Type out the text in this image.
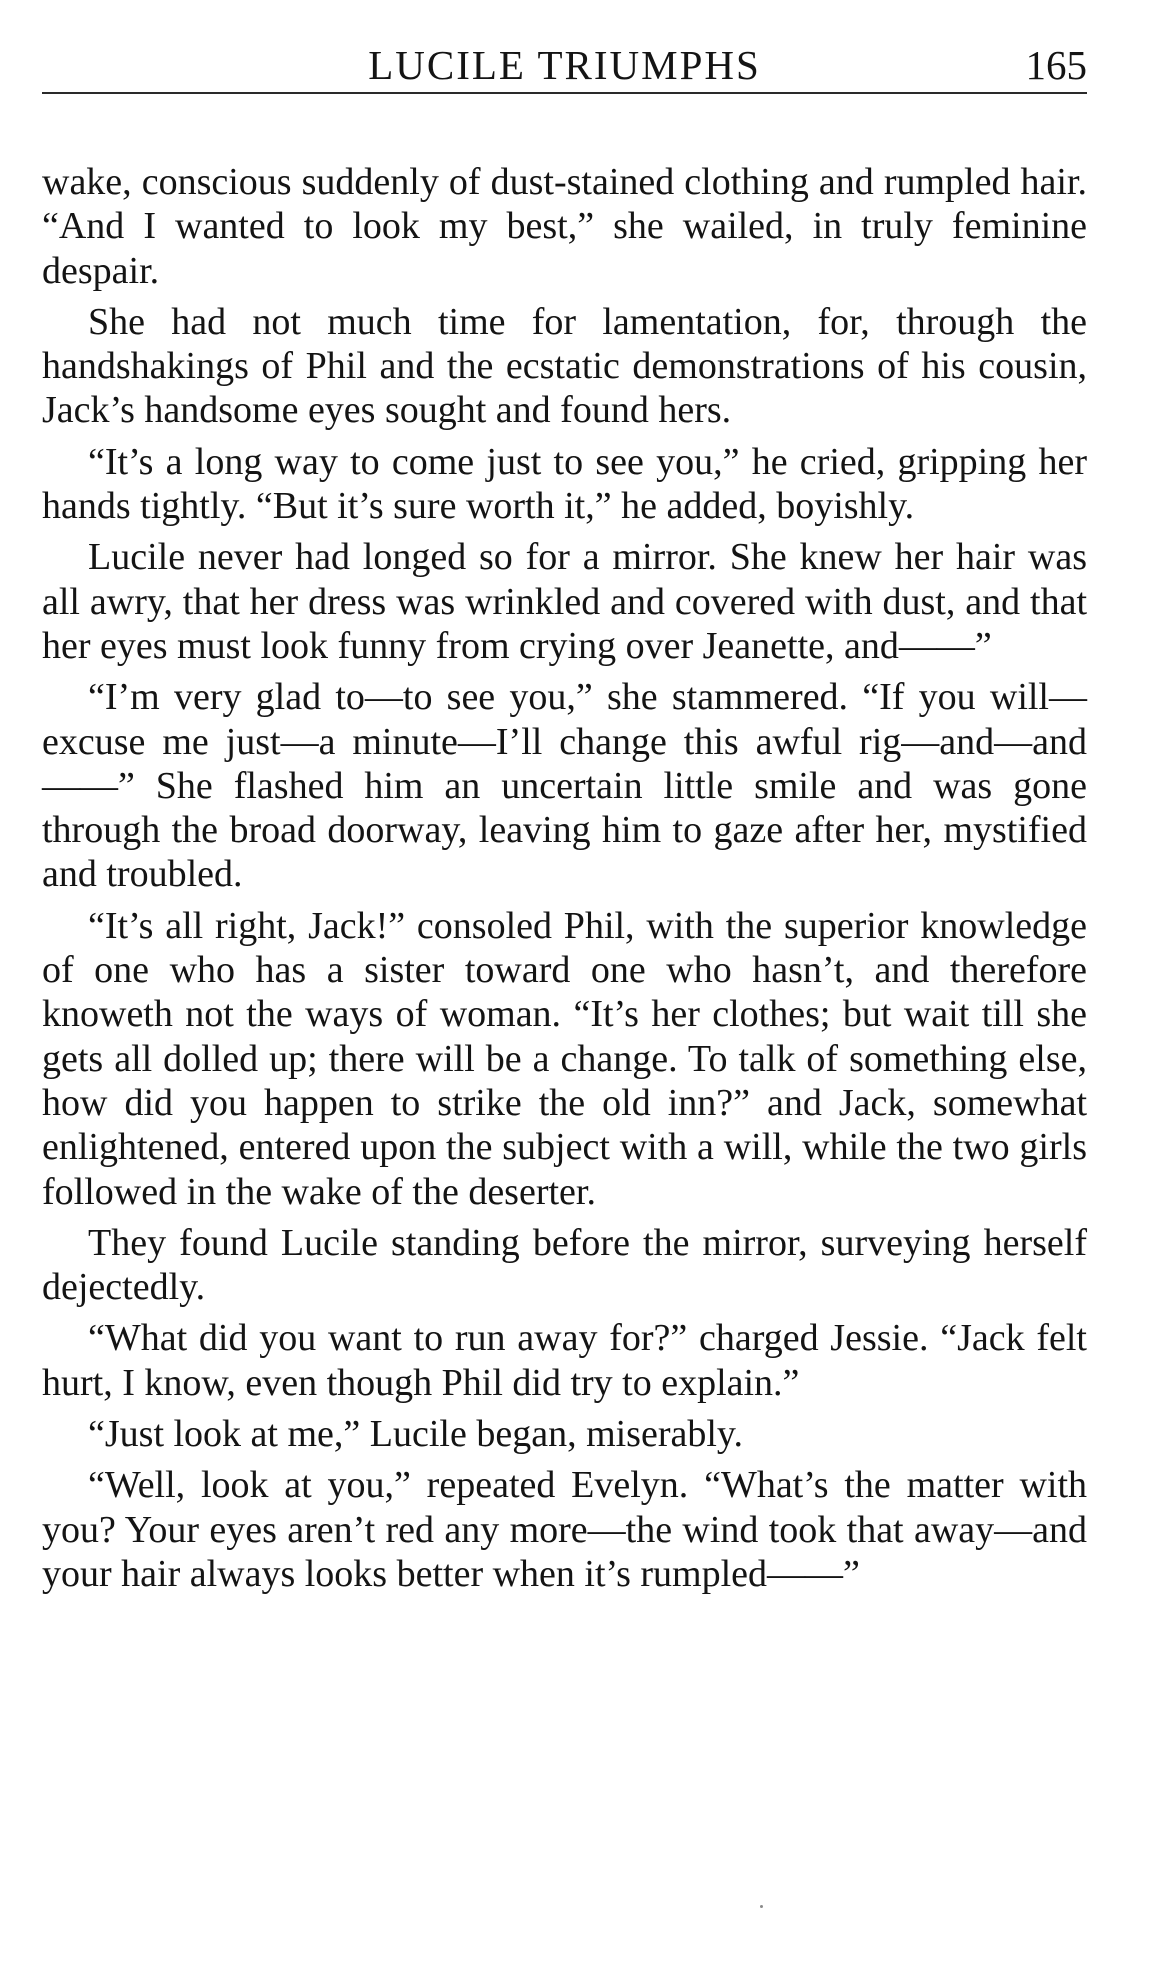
LUCILE TRIUMPHS	165

wake, conscious suddenly of dust-stained clothing and rumpled hair. “And I wanted to look my best,” she wailed, in truly feminine despair.

She had not much time for lamentation, for, through the handshakings of Phil and the ecstatic demonstrations of his cousin, Jack’s handsome eyes sought and found hers.

“It’s a long way to come just to see you,” he cried, gripping her hands tightly. “But it’s sure worth it,” he added, boyishly.

Lucile never had longed so for a mirror. She knew her hair was all awry, that her dress was wrinkled and covered with dust, and that her eyes must look funny from crying over Jeanette, and——”

“I’m very glad to—to see you,” she stammered. “If you will—excuse me just—a minute—I’ll change this awful rig—and—and——” She flashed him an uncertain little smile and was gone through the broad doorway, leaving him to gaze after her, mystified and troubled.

“It’s all right, Jack!” consoled Phil, with the superior knowledge of one who has a sister toward one who hasn’t, and therefore knoweth not the ways of woman. “It’s her clothes; but wait till she gets all dolled up; there will be a change. To talk of something else, how did you happen to strike the old inn?” and Jack, somewhat enlightened, entered upon the subject with a will, while the two girls followed in the wake of the deserter.

They found Lucile standing before the mirror, surveying herself dejectedly.

“What did you want to run away for?” charged Jessie. “Jack felt hurt, I know, even though Phil did try to explain.”

“Just look at me,” Lucile began, miserably.

“Well, look at you,” repeated Evelyn. “What’s the matter with you? Your eyes aren’t red any more—the wind took that away—and your hair always looks better when it’s rumpled——”
